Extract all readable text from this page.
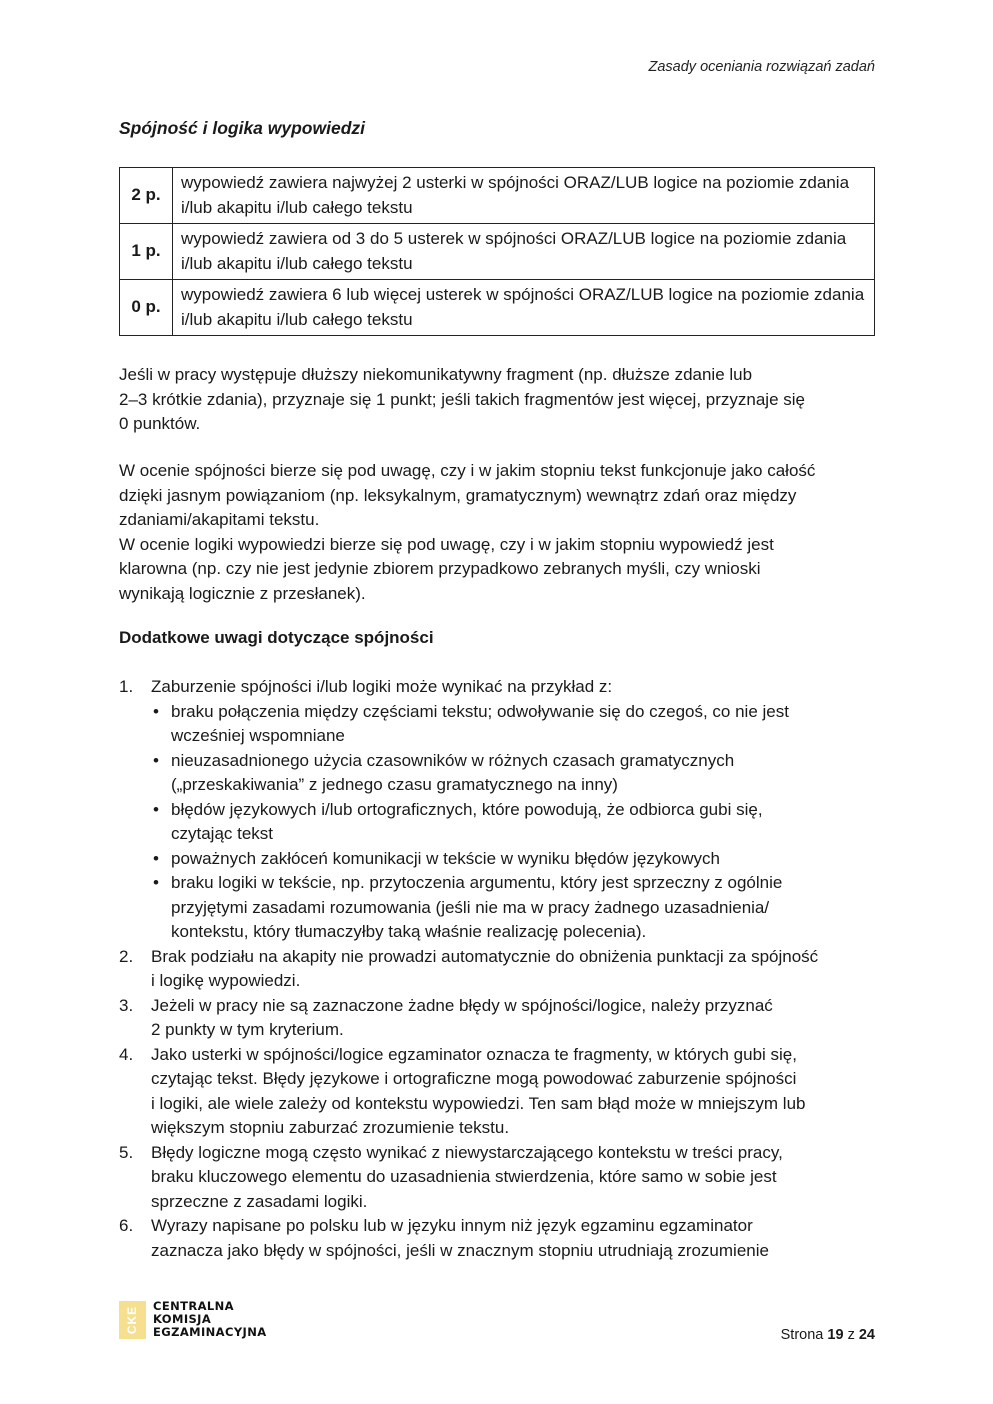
Zasady oceniania rozwiązań zadań
Spójność i logika wypowiedzi
2 p.	wypowiedź zawiera najwyżej 2 usterki w spójności ORAZ/LUB logice na poziomie zdania i/lub akapitu i/lub całego tekstu
1 p.	wypowiedź zawiera od 3 do 5 usterek w spójności ORAZ/LUB logice na poziomie zdania i/lub akapitu i/lub całego tekstu
0 p.	wypowiedź zawiera 6 lub więcej usterek w spójności ORAZ/LUB logice na poziomie zdania i/lub akapitu i/lub całego tekstu

Jeśli w pracy występuje dłuższy niekomunikatywny fragment (np. dłuższe zdanie lub

2–3 krótkie zdania), przyznaje się 1 punkt; jeśli takich fragmentów jest więcej, przyznaje się

0 punktów.

W ocenie spójności bierze się pod uwagę, czy i w jakim stopniu tekst funkcjonuje jako całość

dzięki jasnym powiązaniom (np. leksykalnym, gramatycznym) wewnątrz zdań oraz między

zdaniami/akapitami tekstu.

W ocenie logiki wypowiedzi bierze się pod uwagę, czy i w jakim stopniu wypowiedź jest

klarowna (np. czy nie jest jedynie zbiorem przypadkowo zebranych myśli, czy wnioski

wynikają logicznie z przesłanek).

Dodatkowe uwagi dotyczące spójności
1. Zaburzenie spójności i/lub logiki może wynikać na przykład z:
• braku połączenia między częściami tekstu; odwoływanie się do czegoś, co nie jest
wcześniej wspomniane
• nieuzasadnionego użycia czasowników w różnych czasach gramatycznych
(„przeskakiwania” z jednego czasu gramatycznego na inny)
• błędów językowych i/lub ortograficznych, które powodują, że odbiorca gubi się,
czytając tekst
• poważnych zakłóceń komunikacji w tekście w wyniku błędów językowych
• braku logiki w tekście, np. przytoczenia argumentu, który jest sprzeczny z ogólnie
przyjętymi zasadami rozumowania (jeśli nie ma w pracy żadnego uzasadnienia/
kontekstu, który tłumaczyłby taką właśnie realizację polecenia).
2. Brak podziału na akapity nie prowadzi automatycznie do obniżenia punktacji za spójność
i logikę wypowiedzi.
3. Jeżeli w pracy nie są zaznaczone żadne błędy w spójności/logice, należy przyznać
2 punkty w tym kryterium.
4. Jako usterki w spójności/logice egzaminator oznacza te fragmenty, w których gubi się,
czytając tekst. Błędy językowe i ortograficzne mogą powodować zaburzenie spójności
i logiki, ale wiele zależy od kontekstu wypowiedzi. Ten sam błąd może w mniejszym lub
większym stopniu zaburzać zrozumienie tekstu.
5. Błędy logiczne mogą często wynikać z niewystarczającego kontekstu w treści pracy,
braku kluczowego elementu do uzasadnienia stwierdzenia, które samo w sobie jest
sprzeczne z zasadami logiki.
6. Wyrazy napisane po polsku lub w języku innym niż język egzaminu egzaminator
zaznacza jako błędy w spójności, jeśli w znacznym stopniu utrudniają zrozumienie
CKE CENTRALNA
KOMISJA
EGZAMINACYJNA	Strona 19 z 24
